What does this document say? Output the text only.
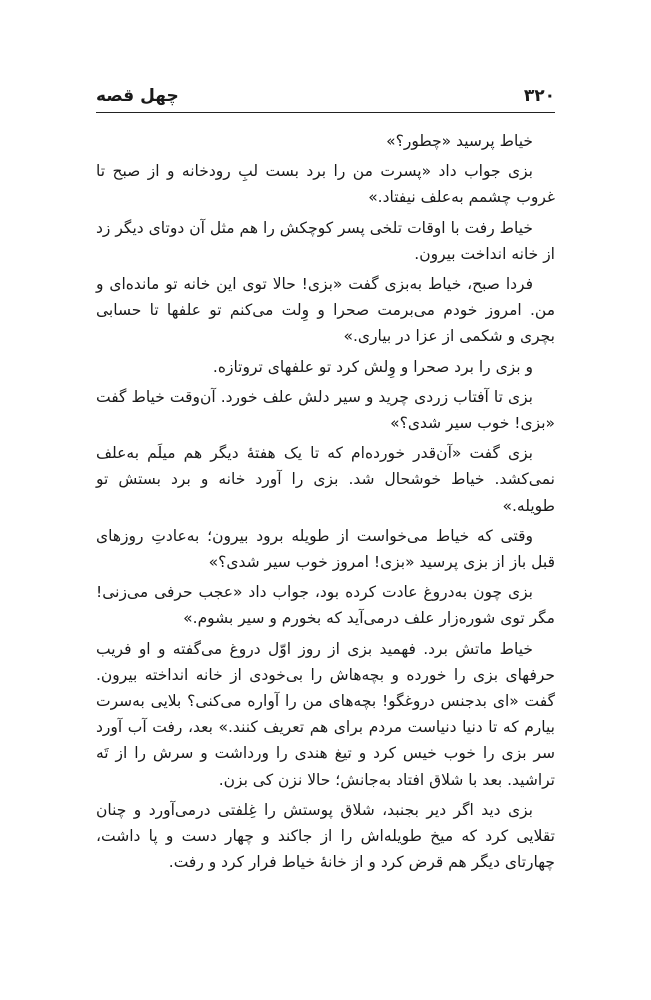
۳۲۰
چهل قصه

خیاط پرسید «چطور؟»

بزی جواب داد «پسرت من را برد بست لبِ رودخانه و از صبح تا غروب چشمم به‌علف نیفتاد.»

خیاط رفت با اوقات تلخی پسر کوچکش را هم مثل آن دوتای دیگر زد از خانه انداخت بیرون.

فردا صبح، خیاط به‌بزی گفت «بزی! حالا توی این خانه تو مانده‌ای و من. امروز خودم می‌برمت صحرا و وِلت می‌کنم تو علفها تا حسابی بچری و شکمی از عزا در بیاری.»

و بزی را برد صحرا و وِلش کرد تو علفهای تروتازه.

بزی تا آفتاب زردی چرید و سیر دلش علف خورد. آن‌وقت خیاط گفت «بزی! خوب سیر شدی؟»

بزی گفت «آن‌قدر خورده‌ام که تا یک هفتهٔ دیگر هم میلَم به‌علف نمی‌کشد. خیاط خوشحال شد. بزی را آورد خانه و برد بستش تو طویله.»

وقتی که خیاط می‌خواست از طویله برود بیرون؛ به‌عادتِ روزهای قبل باز از بزی پرسید «بزی! امروز خوب سیر شدی؟»

بزی چون به‌دروغ عادت کرده بود، جواب داد «عجب حرفی می‌زنی! مگر توی شوره‌زار علف درمی‌آید که بخورم و سیر بشوم.»

خیاط ماتش برد. فهمید بزی از روز اوّل دروغ می‌گفته و او فریب حرفهای بزی را خورده و بچه‌هاش را بی‌خودی از خانه انداخته بیرون. گفت «ای بدجنس دروغگو! بچه‌های من را آواره می‌کنی؟ بلایی به‌سرت بیارم که تا دنیا دنیاست مردم برای هم تعریف کنند.» بعد، رفت آب آورد سر بزی را خوب خیس کرد و تیغ هندی را ورداشت و سرش را از تَه تراشید. بعد با شلاق افتاد به‌جانش؛ حالا نزن کی بزن.

بزی دید اگر دیر بجنبد، شلاق پوستش را غِلفتی درمی‌آورد و چنان تقلایی کرد که میخ طویله‌اش را از جاکند و چهار دست و پا داشت، چهارتای دیگر هم قرض کرد و از خانهٔ خیاط فرار کرد و رفت.
